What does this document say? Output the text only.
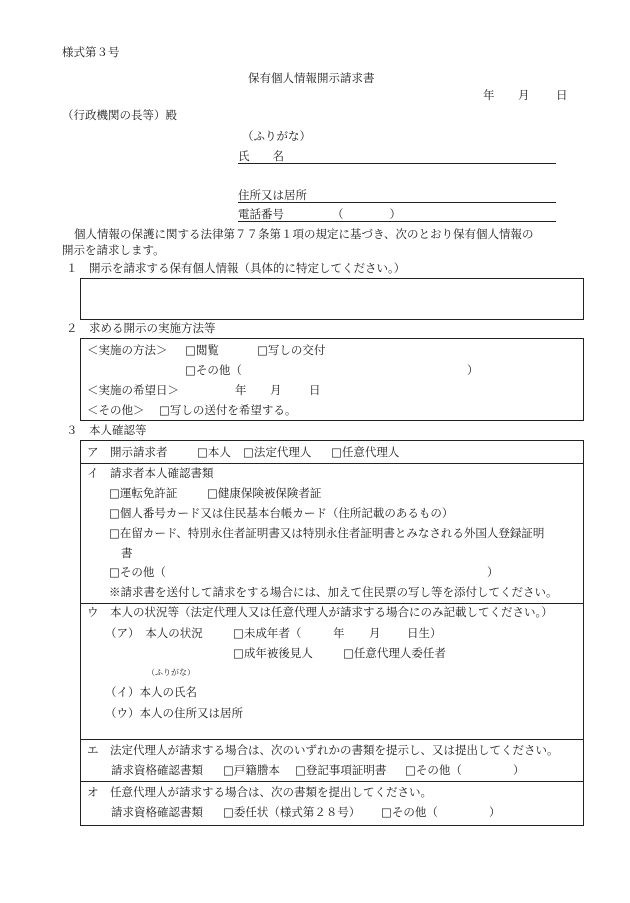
様式第３号
保有個人情報開示請求書
年 月 日
（行政機関の長等）殿
（ふりがな）
氏　　名
住所又は居所
電話番号	（　　　　）
個人情報の保護に関する法律第７７条第１項の規定に基づき、次のとおり保有個人情報の
開示を請求します。
１　開示を請求する保有個人情報（具体的に特定してください。）
２　求める開示の実施方法等
＜実施の方法＞ □閲覧	□写しの交付
□その他（	）
＜実施の希望日＞	年 月 日
＜その他＞ □写しの送付を希望する。
３　本人確認等
ア　開示請求者	□本人 □法定代理人 □任意代理人
イ　請求者本人確認書類
□運転免許証	□健康保険被保険者証
□個人番号カード又は住民基本台帳カード（住所記載のあるもの）
□在留カード、特別永住者証明書又は特別永住者証明書とみなされる外国人登録証明
書
□その他（	）
※請求書を送付して請求をする場合には、加えて住民票の写し等を添付してください。
ウ　本人の状況等（法定代理人又は任意代理人が請求する場合にのみ記載してください。）
（ア）　本人の状況	□未成年者（	年 月 日生）
□成年被後見人	□任意代理人委任者
（ふりがな）
（イ）本人の氏名
（ウ）本人の住所又は居所
エ　法定代理人が請求する場合は、次のいずれかの書類を提示し、又は提出してください。
請求資格確認書類 □戸籍謄本 □登記事項証明書 □その他（	）
オ　任意代理人が請求する場合は、次の書類を提出してください。
請求資格確認書類 □委任状（様式第２８号） □その他（	）
